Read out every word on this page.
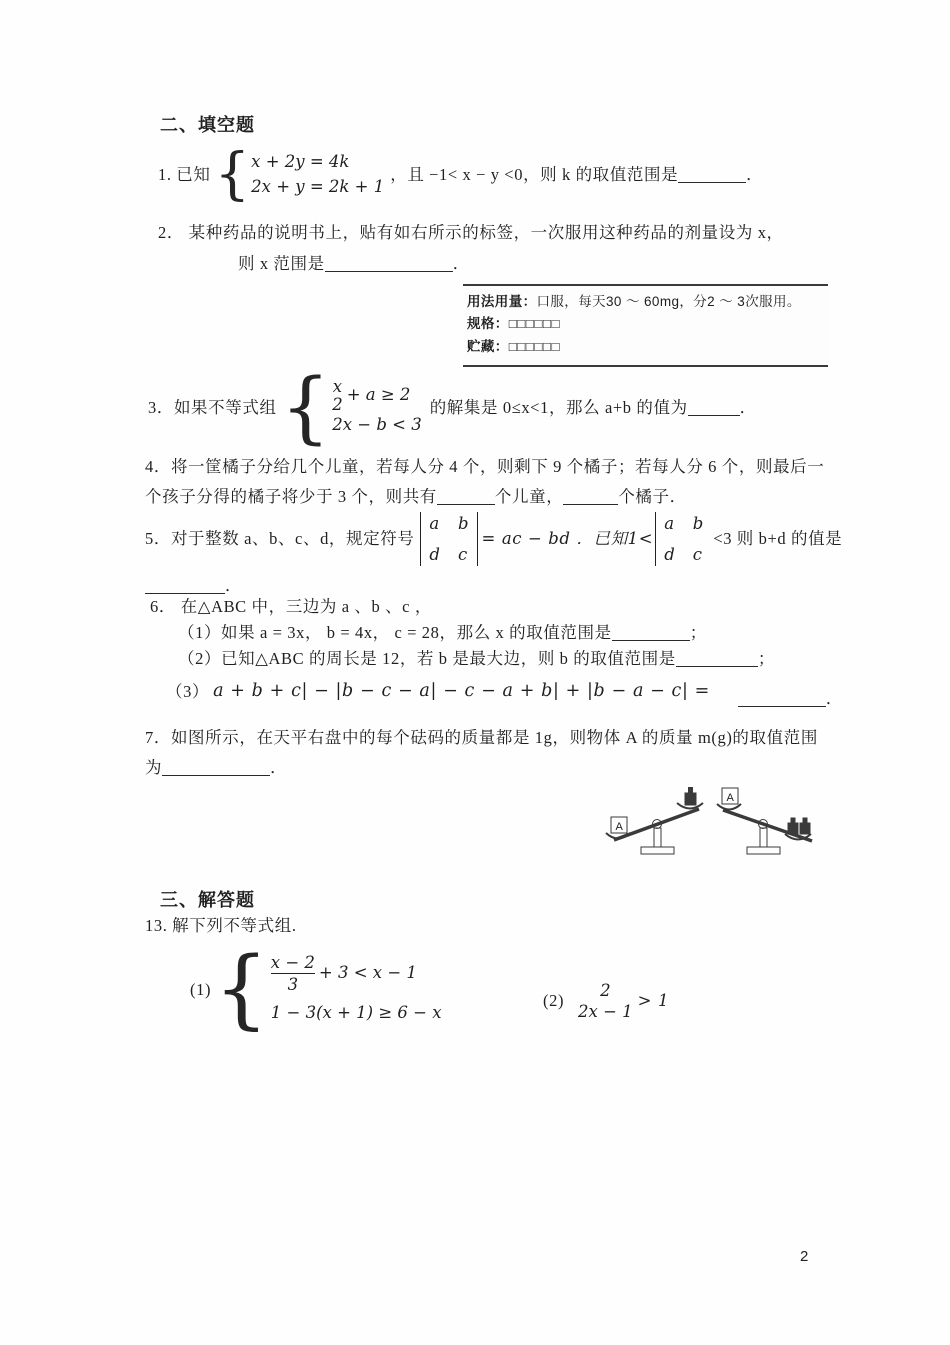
二、填空题
1. 已知 { x + 2y = 4k
2x + y = 2k + 1
，且 −1< x − y <0，则 k 的取值范围是	．
2． 某种药品的说明书上，贴有如右所示的标签，一次服用这种药品的剂量设为 x，
则 x 范围是	．
用法用量：口服，每天30 ～ 60mg，分2 ～ 3次服用。
规格：□□□□□□
贮藏：□□□□□□
3．如果不等式组 { x
2 + a ≥ 2
2x − b < 3
的解集是 0≤x<1，那么 a+b 的值为	．
4．将一筐橘子分给几个儿童，若每人分 4 个，则剩下 9 个橘子；若每人分 6 个，则最后一
个孩子分得的橘子将少于 3 个，则共有	个儿童，	个橘子．
5．对于整数 a、b、c、d，规定符号
a b
d c
= ac − bd ．已知1<
a b
d c
<3 则 b+d 的值是
．
6． 在△ABC 中，三边为 a 、b 、c ，
（1）如果 a = 3x， b = 4x， c = 28，那么 x 的取值范围是	；
（2）已知△ABC 的周长是 12，若 b 是最大边，则 b 的取值范围是	；
（3） a + b + c| − |b − c − a| − c − a + b| + |b − a − c| =	．
7．如图所示，在天平右盘中的每个砝码的质量都是 1g，则物体 A 的质量 m(g)的取值范围
为	．
A
A
三、解答题
13. 解下列不等式组.
(1) { x − 2
3
+ 3 < x − 1
1 − 3(x + 1) ≥ 6 − x
(2)
2
2x − 1
> 1
2
